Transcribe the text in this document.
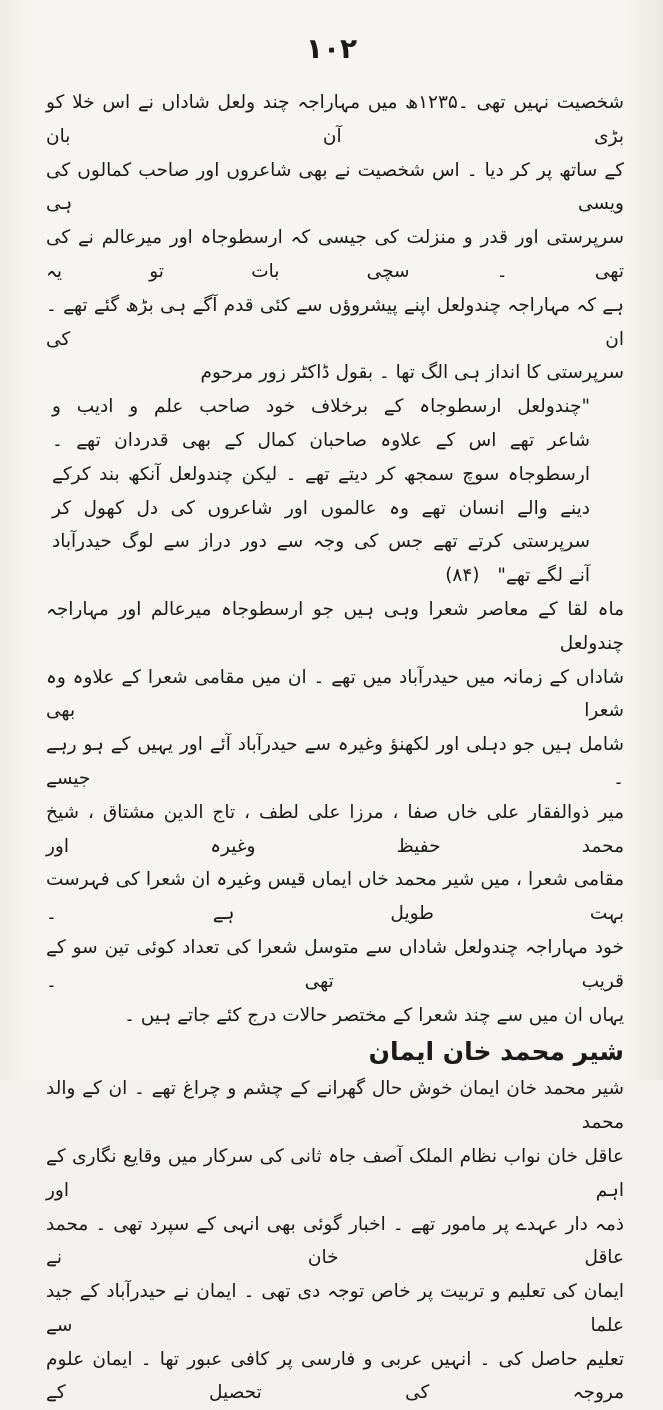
۱۰۲

شخصیت نہیں تھی ۔۱۲۳۵ھ میں مہاراجہ چند ولعل شاداں نے اس خلا کو بڑی آن بان

کے ساتھ پر کر دیا ۔ اس شخصیت نے بھی شاعروں اور صاحب کمالوں کی ویسی ہی

سرپرستی اور قدر و منزلت کی جیسی کہ ارسطوجاہ اور میرعالم نے کی تھی ۔ سچی بات تو یہ

ہے کہ مہاراجہ چندولعل اپنے پیشروؤں سے کئی قدم آگے ہی بڑھ گئے تھے ۔ ان کی

سرپرستی کا انداز ہی الگ تھا ۔ بقول ڈاکٹر زور مرحوم

"چندولعل ارسطوجاہ کے برخلاف خود صاحب علم و ادیب و

شاعر تھے اس کے علاوہ صاحبان کمال کے بھی قدردان تھے ۔

ارسطوجاہ سوچ سمجھ کر دیتے تھے ۔ لیکن چندولعل آنکھ بند کرکے

دینے والے انسان تھے وہ عالموں اور شاعروں کی دل کھول کر

سرپرستی کرتے تھے جس کی وجہ سے دور دراز سے لوگ حیدرآباد

آنے لگے تھے" (۸۴)

ماہ لقا کے معاصر شعرا وہی ہیں جو ارسطوجاہ میرعالم اور مہاراجہ چندولعل

شاداں کے زمانہ میں حیدرآباد میں تھے ۔ ان میں مقامی شعرا کے علاوہ وہ شعرا بھی

شامل ہیں جو دہلی اور لکھنؤ وغیرہ سے حیدرآباد آئے اور یہیں کے ہو رہے ۔ جیسے

میر ذوالفقار علی خاں صفا ، مرزا علی لطف ، تاج الدین مشتاق ، شیخ محمد حفیظ وغیرہ اور

مقامی شعرا ، میں شیر محمد خاں ایماں قیس وغیرہ ان شعرا کی فہرست بہت طویل ہے ۔

خود مہاراجہ چندولعل شاداں سے متوسل شعرا کی تعداد کوئی تین سو کے قریب تھی ۔

یہاں ان میں سے چند شعرا کے مختصر حالات درج کئے جاتے ہیں ۔

شیر محمد خان ایمان

شیر محمد خان ایمان خوش حال گھرانے کے چشم و چراغ تھے ۔ ان کے والد محمد

عاقل خان نواب نظام الملک آصف جاہ ثانی کی سرکار میں وقایع نگاری کے اہم اور

ذمہ دار عہدے پر مامور تھے ۔ اخبار گوئی بھی انہی کے سپرد تھی ۔ محمد عاقل خان نے

ایمان کی تعلیم و تربیت پر خاص توجہ دی تھی ۔ ایمان نے حیدرآباد کے جید علما سے

تعلیم حاصل کی ۔ انہیں عربی و فارسی پر کافی عبور تھا ۔ ایمان علوم مروجہ کی تحصیل کے
